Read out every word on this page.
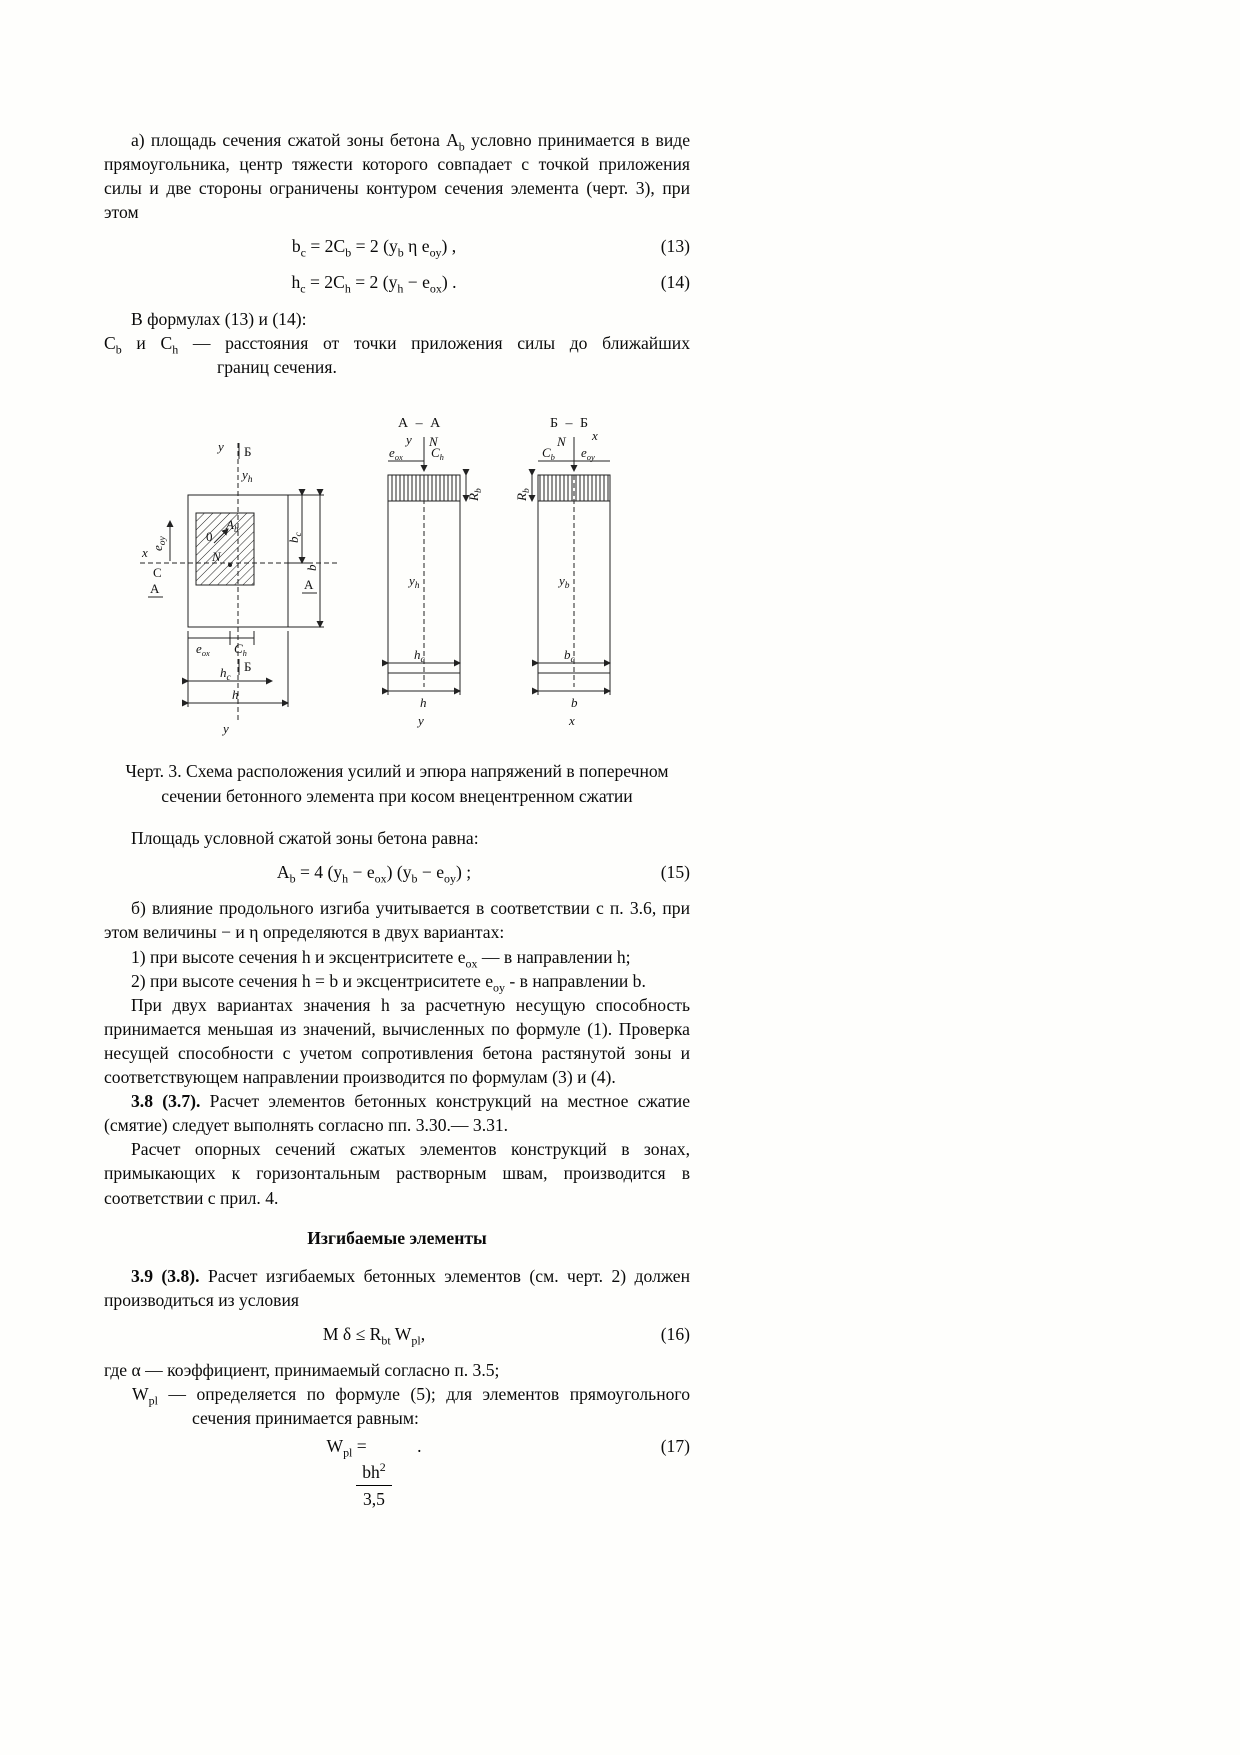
а) площадь сечения сжатой зоны бетона $А_b$ условно принимается в виде прямоугольника, центр тяжести которого совпадает с точкой приложения силы и две стороны ограничены контуром сечения элемента (черт. 3), при этом

$b_c = 2C_b = 2$ ($y_b$ η $e_{oy}$) ,	(13)
$h_c = 2C_h = 2$ $(y_h - e_{ox})$ .	(14)

В формулах (13) и (14):

$C_b$ и $C_h$ — расстояния от точки приложения силы до ближайших
границ сечения.
y Б
$y_h$
x $e_{oy}$
C
А	А
0
$A_b$
N
$e_{ox}$ $C_h$
Б
$h_c$
h
y
$b_c$
b
А – А
N
y
$e_{ox}$ $C_h$
$R_b$
$y_h$
$h_c$
h
y
Б – Б
N x
$C_b$ $e_{oy}$
$R_b$
$y_b$
$b_c$
b
x
Черт. 3. Схема расположения усилий и эпюра напряжений в поперечном
сечении бетонного элемента при косом внецентренном сжатии

Площадь условной сжатой зоны бетона равна:

$А_b = 4$ $(y_h - e_{ox}) (y_b - e_{oy})$ ;	(15)

б) влияние продольного изгиба учитывается в соответствии с п. 3.6, при этом величины − и η определяются в двух вариантах:

1) при высоте сечения h и эксцентриситете $e_{ox}$ — в направлении h;

2) при высоте сечения h = b и эксцентриситете $e_{oy}$ - в направлении b.

При двух вариантах значения h за расчетную несущую способность принимается меньшая из значений, вычисленных по формуле (1). Проверка несущей способности с учетом сопротивления бетона растянутой зоны и соответствующем направлении производится по формулам (3) и (4).

3.8 (3.7). Расчет элементов бетонных конструкций на местное сжатие (смятие) следует выполнять согласно пп. 3.30.— 3.31.

Расчет опорных сечений сжатых элементов конструкций в зонах, примыкающих к горизонтальным растворным швам, производится в соответствии с прил. 4.

Изгибаемые элементы

3.9 (3.8). Расчет изгибаемых бетонных элементов (см. черт. 2) должен производиться из условия

M $\delta \le R_{bt}$ $W_{pl}$,	(16)

где α — коэффициент, принимаемый согласно п. 3.5;

$W_{pl}$ — определяется по формуле (5); для элементов прямоугольного
сечения принимается равным:
$W_{pl}$ =	.
$\frac{bh^2}{3,5}$
(17)
